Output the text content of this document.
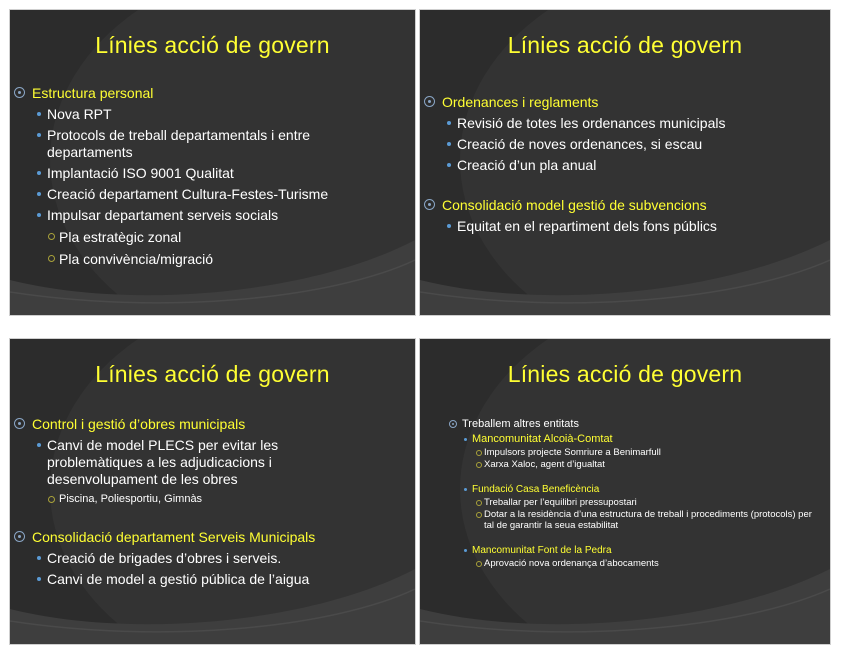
Línies acció de govern
Estructura personal
Nova RPT
Protocols de treball departamentals i entre departaments
Implantació ISO 9001 Qualitat
Creació departament Cultura-Festes-Turisme
Impulsar departament serveis socials
Pla estratègic zonal
Pla convivència/migració
Línies acció de govern
Ordenances i reglaments
Revisió de totes les ordenances municipals
Creació de noves ordenances, si escau
Creació d’un pla anual
Consolidació model gestió de subvencions
Equitat en el repartiment dels fons públics
Línies acció de govern
Control i gestió d’obres municipals
Canvi de model PLECS per evitar les problemàtiques a les adjudicacions i desenvolupament de les obres
Piscina, Poliesportiu, Gimnàs
Consolidació departament Serveis Municipals
Creació de brigades d’obres i serveis.
Canvi de model a gestió pública de l’aigua
Línies acció de govern
Treballem altres entitats
Mancomunitat Alcoià-Comtat
Impulsors projecte Somriure a Benimarfull
Xarxa Xaloc, agent d’igualtat
Fundació Casa Beneficència
Treballar per l’equilibri pressupostari
Dotar a la residència d’una estructura de treball i procediments (protocols) per tal de garantir la seua estabilitat
Mancomunitat Font de la Pedra
Aprovació nova ordenança d’abocaments
